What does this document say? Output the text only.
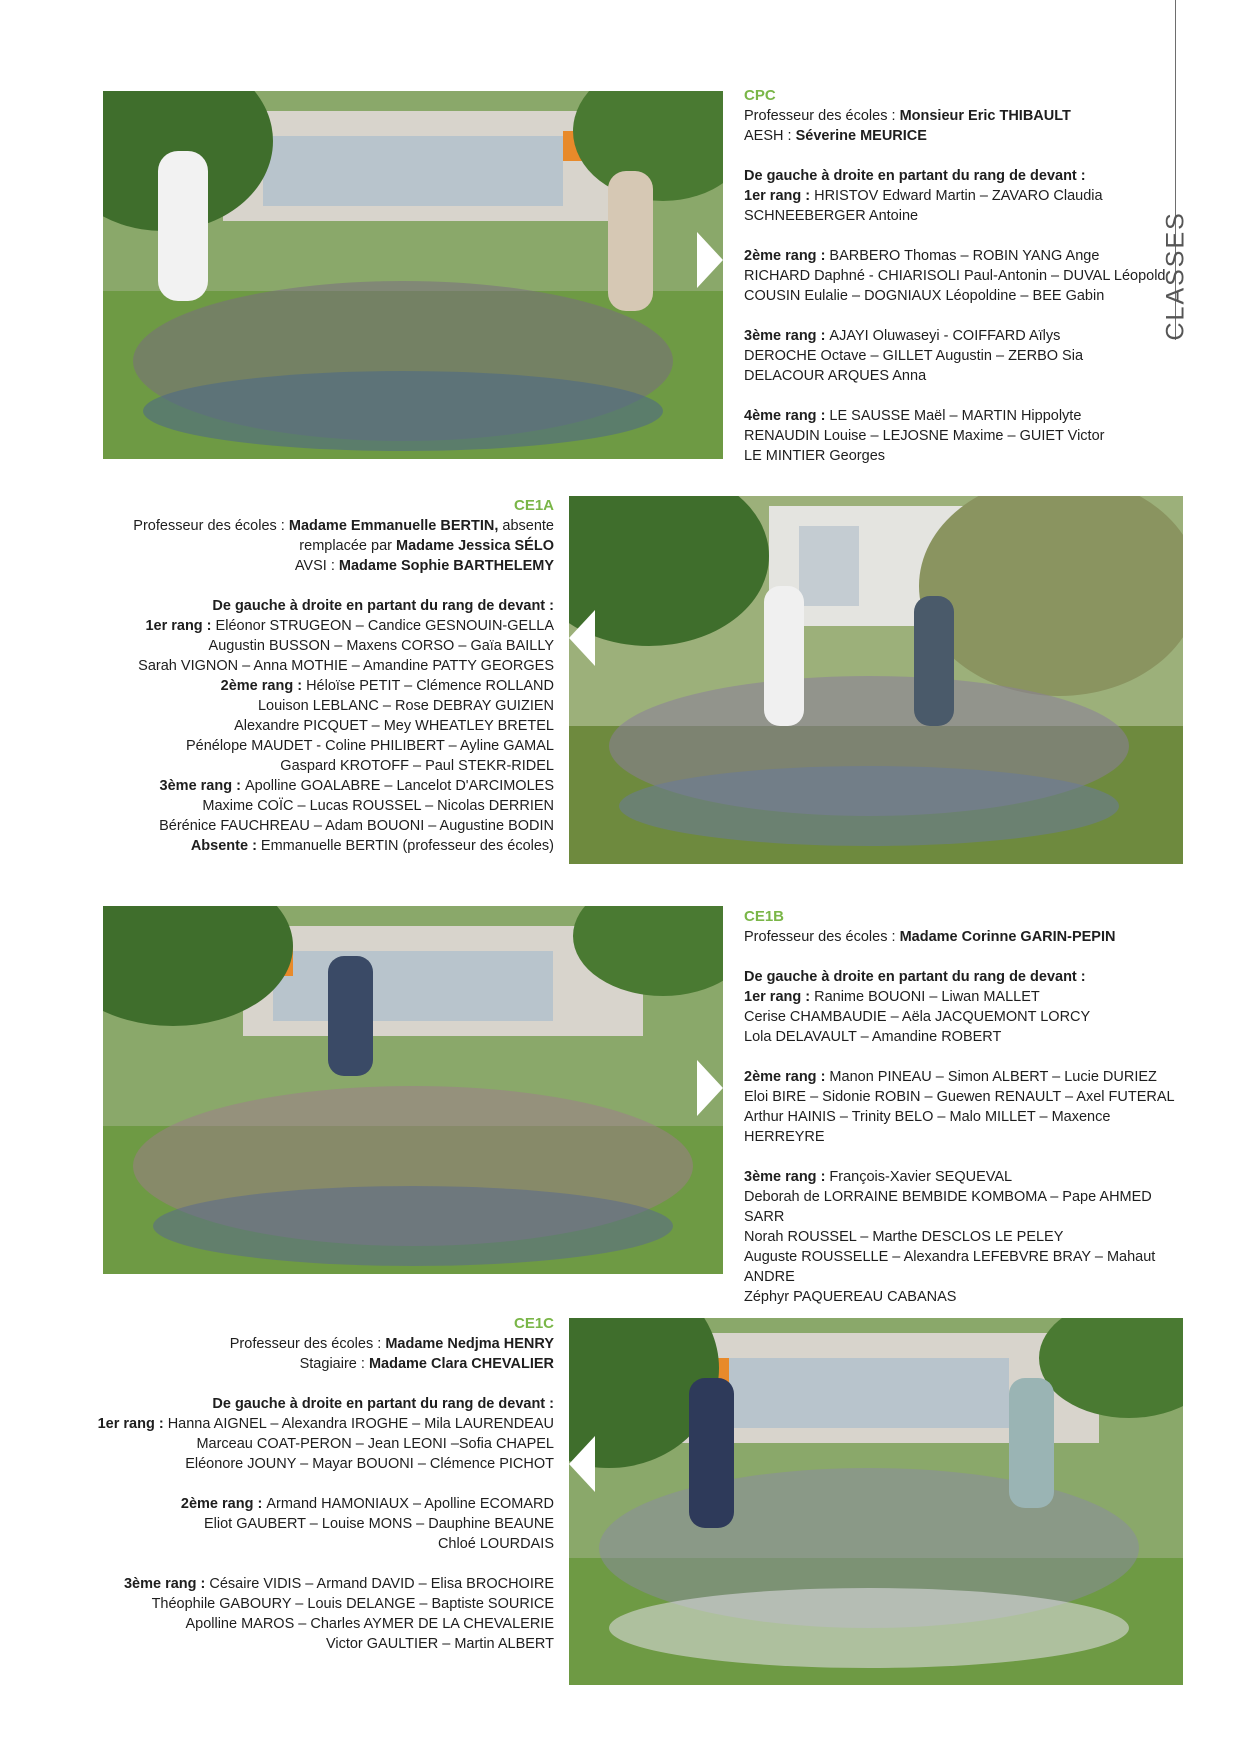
CLASSES
CPC
Professeur des écoles : Monsieur Eric THIBAULT
AESH : Séverine MEURICE
De gauche à droite en partant du rang de devant :
1er rang : HRISTOV Edward Martin – ZAVARO Claudia
SCHNEEBERGER Antoine
2ème rang : BARBERO Thomas – ROBIN YANG Ange
RICHARD Daphné - CHIARISOLI Paul-Antonin – DUVAL Léopold
COUSIN Eulalie – DOGNIAUX Léopoldine – BEE Gabin
3ème rang : AJAYI Oluwaseyi - COIFFARD Aïlys
DEROCHE Octave – GILLET Augustin – ZERBO Sia
DELACOUR ARQUES Anna
4ème rang : LE SAUSSE Maël – MARTIN Hippolyte
RENAUDIN Louise – LEJOSNE Maxime – GUIET Victor
LE MINTIER Georges
CE1A
Professeur des écoles : Madame Emmanuelle BERTIN, absente
remplacée par Madame Jessica SÉLO
AVSI : Madame Sophie BARTHELEMY
De gauche à droite en partant du rang de devant :
1er rang : Eléonor STRUGEON – Candice GESNOUIN-GELLA
Augustin BUSSON – Maxens CORSO – Gaïa BAILLY
Sarah VIGNON – Anna MOTHIE – Amandine PATTY GEORGES
2ème rang : Héloïse PETIT – Clémence ROLLAND
Louison LEBLANC – Rose DEBRAY GUIZIEN
Alexandre PICQUET – Mey WHEATLEY BRETEL
Pénélope MAUDET - Coline PHILIBERT – Ayline GAMAL
Gaspard KROTOFF – Paul STEKR-RIDEL
3ème rang : Apolline GOALABRE – Lancelot D'ARCIMOLES
Maxime COÏC – Lucas ROUSSEL – Nicolas DERRIEN
Bérénice FAUCHREAU – Adam BOUONI – Augustine BODIN
Absente : Emmanuelle BERTIN (professeur des écoles)
CE1B
Professeur des écoles : Madame Corinne GARIN-PEPIN
De gauche à droite en partant du rang de devant :
1er rang : Ranime BOUONI – Liwan MALLET
Cerise CHAMBAUDIE – Aëla JACQUEMONT LORCY
Lola DELAVAULT – Amandine ROBERT
2ème rang : Manon PINEAU – Simon ALBERT – Lucie DURIEZ
Eloi BIRE – Sidonie ROBIN – Guewen RENAULT – Axel FUTERAL
Arthur HAINIS – Trinity BELO – Malo MILLET – Maxence HERREYRE
3ème rang : François-Xavier SEQUEVAL
Deborah de LORRAINE BEMBIDE KOMBOMA – Pape AHMED SARR
Norah ROUSSEL – Marthe DESCLOS LE PELEY
Auguste ROUSSELLE – Alexandra LEFEBVRE BRAY – Mahaut ANDRE
Zéphyr PAQUEREAU CABANAS
CE1C
Professeur des écoles : Madame Nedjma HENRY
Stagiaire : Madame Clara CHEVALIER
De gauche à droite en partant du rang de devant :
1er rang : Hanna AIGNEL – Alexandra IROGHE – Mila LAURENDEAU
Marceau COAT-PERON – Jean LEONI –Sofia CHAPEL
Eléonore JOUNY – Mayar BOUONI – Clémence PICHOT
2ème rang : Armand HAMONIAUX – Apolline ECOMARD
Eliot GAUBERT – Louise MONS – Dauphine BEAUNE
Chloé LOURDAIS
3ème rang : Césaire VIDIS – Armand DAVID – Elisa BROCHOIRE
Théophile GABOURY – Louis DELANGE – Baptiste SOURICE
Apolline MAROS – Charles AYMER DE LA CHEVALERIE
Victor GAULTIER – Martin ALBERT
